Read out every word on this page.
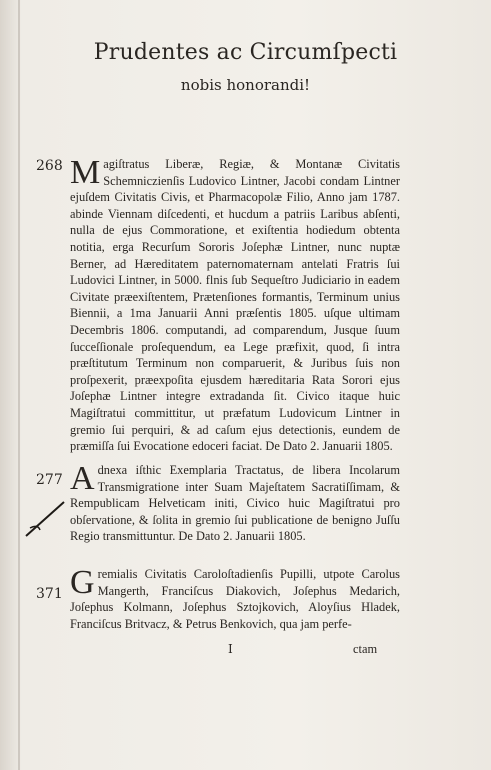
Prudentes ac Circumſpecti
nobis honorandi!
268 M agiſtratus Liberæ, Regiæ, & Montanæ Civitatis Schemniczienſis Ludovico Lintner, Jacobi condam Lintner ejuſdem Civitatis Civis, et Pharmacopolæ Filio, Anno jam 1787. abinde Viennam diſcedenti, et hucdum a patriis Laribus abſenti, nulla de ejus Commoratione, et exiſtentia hodiedum obtenta notitia, erga Recurſum Sororis Joſephæ Lintner, nunc nuptæ Berner, ad Hæreditatem paternomaternam antelati Fratris ſui Ludovici Lintner, in 5000. flnis ſub Sequeſtro Judiciario in eadem Civitate præexiſtentem, Prætenſiones formantis, Terminum unius Biennii, a 1ma Januarii Anni præſentis 1805. uſque ultimam Decembris 1806. computandi, ad comparendum, Jusque ſuum ſucceſſionale proſequendum, ea Lege præfixit, quod, ſi intra præſtitutum Terminum non comparuerit, & Juribus ſuis non proſpexerit, præexpoſita ejusdem hæreditaria Rata Sorori ejus Joſephæ Lintner integre extradanda ſit. Civico itaque huic Magiſtratui committitur, ut præfatum Ludovicum Lintner in gremio ſui perquiri, & ad caſum ejus detectionis, eundem de præmiſſa ſui Evocatione edoceri faciat. De Dato 2. Januarii 1805.

277 A dnexa iſthic Exemplaria Tractatus, de libera Incolarum Transmigratione inter Suam Majeſtatem Sacratiſſimam, & Rempublicam Helveticam initi, Civico huic Magiſtratui pro obſervatione, & ſolita in gremio ſui publicatione de benigno Juſſu Regio transmittuntur. De Dato 2. Januarii 1805.

371 G remialis Civitatis Caroloſtadienſis Pupilli, utpote Carolus Mangerth, Franciſcus Diakovich, Joſephus Medarich, Joſephus Kolmann, Joſephus Sztojkovich, Aloyſius Hladek, Franciſcus Britvacz, & Petrus Benkovich, qua jam perfe-

I	ctam
